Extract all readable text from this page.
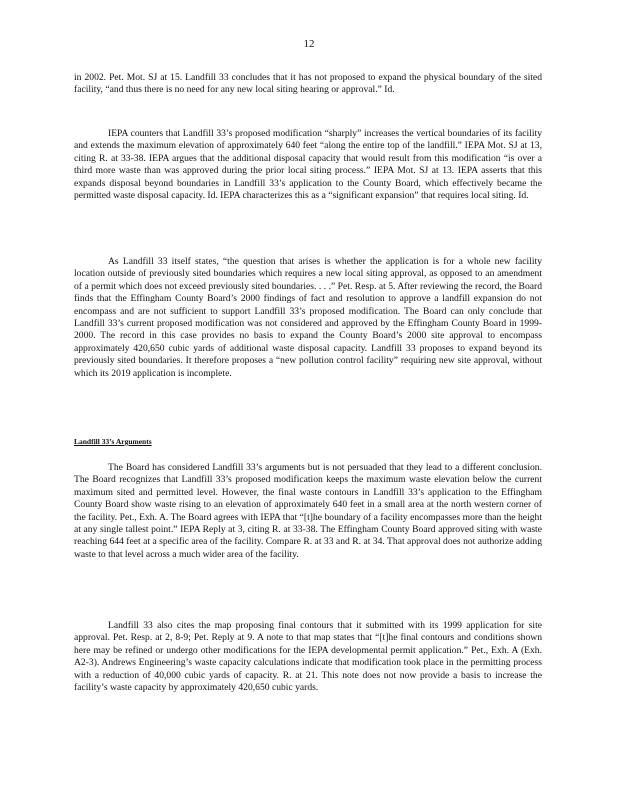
12

in 2002. Pet. Mot. SJ at 15. Landfill 33 concludes that it has not proposed to expand the physical boundary of the sited facility, “and thus there is no need for any new local siting hearing or approval.” Id.

IEPA counters that Landfill 33’s proposed modification “sharply” increases the vertical boundaries of its facility and extends the maximum elevation of approximately 640 feet “along the entire top of the landfill.” IEPA Mot. SJ at 13, citing R. at 33-38. IEPA argues that the additional disposal capacity that would result from this modification “is over a third more waste than was approved during the prior local siting process.” IEPA Mot. SJ at 13. IEPA asserts that this expands disposal beyond boundaries in Landfill 33’s application to the County Board, which effectively became the permitted waste disposal capacity. Id. IEPA characterizes this as a “significant expansion” that requires local siting. Id.

As Landfill 33 itself states, “the question that arises is whether the application is for a whole new facility location outside of previously sited boundaries which requires a new local siting approval, as opposed to an amendment of a permit which does not exceed previously sited boundaries. . . .” Pet. Resp. at 5. After reviewing the record, the Board finds that the Effingham County Board’s 2000 findings of fact and resolution to approve a landfill expansion do not encompass and are not sufficient to support Landfill 33’s proposed modification. The Board can only conclude that Landfill 33’s current proposed modification was not considered and approved by the Effingham County Board in 1999-2000. The record in this case provides no basis to expand the County Board’s 2000 site approval to encompass approximately 420,650 cubic yards of additional waste disposal capacity. Landfill 33 proposes to expand beyond its previously sited boundaries. It therefore proposes a “new pollution control facility” requiring new site approval, without which its 2019 application is incomplete.

Landfill 33’s Arguments

The Board has considered Landfill 33’s arguments but is not persuaded that they lead to a different conclusion. The Board recognizes that Landfill 33’s proposed modification keeps the maximum waste elevation below the current maximum sited and permitted level. However, the final waste contours in Landfill 33’s application to the Effingham County Board show waste rising to an elevation of approximately 640 feet in a small area at the north western corner of the facility. Pet., Exh. A. The Board agrees with IEPA that “[t]he boundary of a facility encompasses more than the height at any single tallest point.” IEPA Reply at 3, citing R. at 33-38. The Effingham County Board approved siting with waste reaching 644 feet at a specific area of the facility. Compare R. at 33 and R. at 34. That approval does not authorize adding waste to that level across a much wider area of the facility.

Landfill 33 also cites the map proposing final contours that it submitted with its 1999 application for site approval. Pet. Resp. at 2, 8-9; Pet. Reply at 9. A note to that map states that “[t]he final contours and conditions shown here may be refined or undergo other modifications for the IEPA developmental permit application.” Pet., Exh. A (Exh. A2-3). Andrews Engineering’s waste capacity calculations indicate that modification took place in the permitting process with a reduction of 40,000 cubic yards of capacity. R. at 21. This note does not now provide a basis to increase the facility’s waste capacity by approximately 420,650 cubic yards.
